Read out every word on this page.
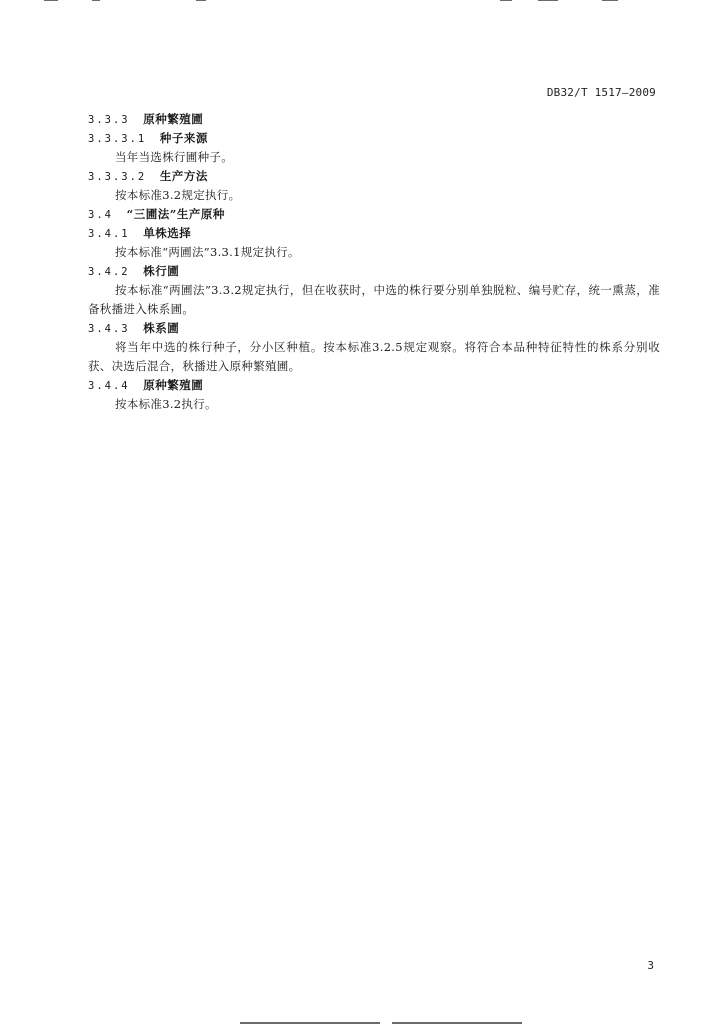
DB32/T 1517—2009
3.3.3 原种繁殖圃
3.3.3.1 种子来源

当年当选株行圃种子。

3.3.3.2 生产方法

按本标准3.2规定执行。

3.4 “三圃法”生产原种
3.4.1 单株选择

按本标准“两圃法”3.3.1规定执行。

3.4.2 株行圃

按本标准“两圃法”3.3.2规定执行，但在收获时，中选的株行要分别单独脱粒、编号贮存，统一熏蒸，准备秋播进入株系圃。

3.4.3 株系圃

将当年中选的株行种子，分小区种植。按本标准3.2.5规定观察。将符合本品种特征特性的株系分别收获、决选后混合，秋播进入原种繁殖圃。

3.4.4 原种繁殖圃

按本标准3.2执行。

3
